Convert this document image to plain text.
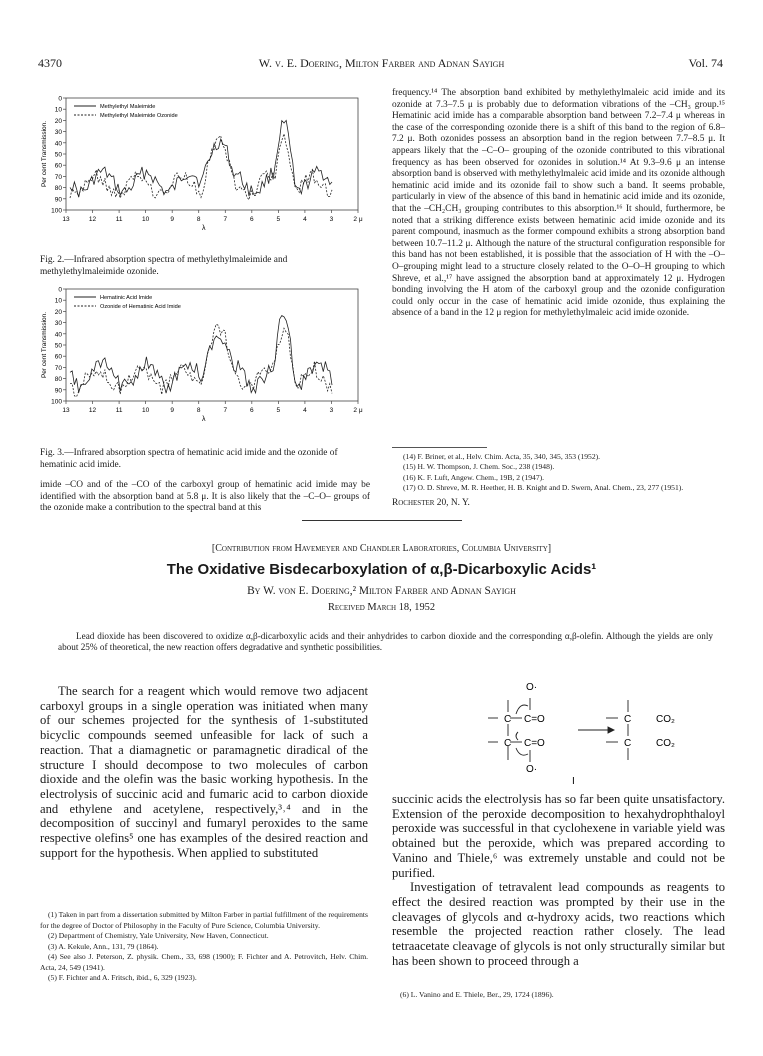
4370	W. v. E. Doering, Milton Farber and Adnan Sayigh	Vol. 74
0
10
20
30
40
50
60
70
80
90
100
13	12	11	10	9	8	7	6	5	4	3	2 μ
λ
Per cent Transmission.
Methylethyl Maleimide
Methylethyl Maleimide Ozonide
Fig. 2.—Infrared absorption spectra of methylethylmaleimide and methylethylmaleimide ozonide.
0
10
20
30
40
50
60
70
80
90
100
13	12	11	10	9	8	7	6	5	4	3	2 μ
λ
Per cent Transmission.
Hematinic Acid Imide
Ozonide of Hematinic Acid Imide
Fig. 3.—Infrared absorption spectra of hematinic acid imide and the ozonide of hematinic acid imide.

imide –CO and of the –CO of the carboxyl group of hematinic acid imide may be identified with the absorption band at 5.8 μ. It is also likely that the –C–O– groups of the ozonide make a contribution to the spectral band at this

frequency.¹⁴ The absorption band exhibited by methylethylmaleic acid imide and its ozonide at 7.3–7.5 μ is probably due to deformation vibrations of the –CH₃ group.¹⁵ Hematinic acid imide has a comparable absorption band between 7.2–7.4 μ whereas in the case of the corresponding ozonide there is a shift of this band to the region of 6.8–7.2 μ. Both ozonides possess an absorption band in the region between 7.7–8.5 μ. It appears likely that the –C–O– grouping of the ozonide contributed to this vibrational frequency as has been observed for ozonides in solution.¹⁴ At 9.3–9.6 μ an intense absorption band is observed with methylethylmaleic acid imide and its ozonide although hematinic acid imide and its ozonide fail to show such a band. It seems probable, particularly in view of the absence of this band in hematinic acid imide and its ozonide, that the –CH₂CH₃ grouping contributes to this absorption.¹⁶ It should, furthermore, be noted that a striking difference exists between hematinic acid imide ozonide and its parent compound, inasmuch as the former compound exhibits a strong absorption band between 10.7–11.2 μ. Although the nature of the structural configuration responsible for this band has not been established, it is possible that the association of H with the –O–O–grouping might lead to a structure closely related to the O–O–H grouping to which Shreve, et al.,¹⁷ have assigned the absorption band at approximately 12 μ. Hydrogen bonding involving the H atom of the carboxyl group and the ozonide configuration could only occur in the case of hematinic acid imide ozonide, thus explaining the absence of a band in the 12 μ region for methylethylmaleic acid imide ozonide.

(14) F. Briner, et al., Helv. Chim. Acta, 35, 340, 345, 353 (1952).
(15) H. W. Thompson, J. Chem. Soc., 238 (1948).
(16) K. F. Luft, Angew. Chem., 19B, 2 (1947).
(17) O. D. Shreve, M. R. Heether, H. B. Knight and D. Swern, Anal. Chem., 23, 277 (1951).
Rochester 20, N. Y.
[Contribution from Havemeyer and Chandler Laboratories, Columbia University]
The Oxidative Bisdecarboxylation of α,β-Dicarboxylic Acids¹
By W. von E. Doering,² Milton Farber and Adnan Sayigh
Received March 18, 1952

Lead dioxide has been discovered to oxidize α,β-dicarboxylic acids and their anhydrides to carbon dioxide and the corresponding α,β-olefin. Although the yields are only about 25% of theoretical, the new reaction offers degradative and synthetic possibilities.

The search for a reagent which would remove two adjacent carboxyl groups in a single operation was initiated when many of our schemes projected for the synthesis of 1-substituted bicyclic compounds seemed unfeasible for lack of such a reaction. That a diamagnetic or paramagnetic diradical of the structure I should decompose to two molecules of carbon dioxide and the olefin was the basic working hypothesis. In the electrolysis of succinic acid and fumaric acid to carbon dioxide and ethylene and acetylene, respectively,³˒⁴ and in the decomposition of succinyl and fumaryl peroxides to the same respective olefins⁵ one has examples of the desired reaction and support for the hypothesis. When applied to substituted

(1) Taken in part from a dissertation submitted by Milton Farber in partial fulfillment of the requirements for the degree of Doctor of Philosophy in the Faculty of Pure Science, Columbia University.
(2) Department of Chemistry, Yale University, New Haven, Connecticut.
(3) A. Kekule, Ann., 131, 79 (1864).
(4) See also J. Peterson, Z. physik. Chem., 33, 698 (1900); F. Fichter and A. Petrovitch, Helv. Chim. Acta, 24, 549 (1941).
(5) F. Fichter and A. Fritsch, ibid., 6, 329 (1923).
O·
C C=O
C C=O
O·
C
C
CO₂
CO₂
I

succinic acids the electrolysis has so far been quite unsatisfactory. Extension of the peroxide decomposition to hexahydrophthaloyl peroxide was successful in that cyclohexene in variable yield was obtained but the peroxide, which was prepared according to Vanino and Thiele,⁶ was extremely unstable and could not be purified.

Investigation of tetravalent lead compounds as reagents to effect the desired reaction was prompted by their use in the cleavages of glycols and α-hydroxy acids, two reactions which resemble the projected reaction rather closely. The lead tetraacetate cleavage of glycols is not only structurally similar but has been shown to proceed through a

(6) L. Vanino and E. Thiele, Ber., 29, 1724 (1896).
